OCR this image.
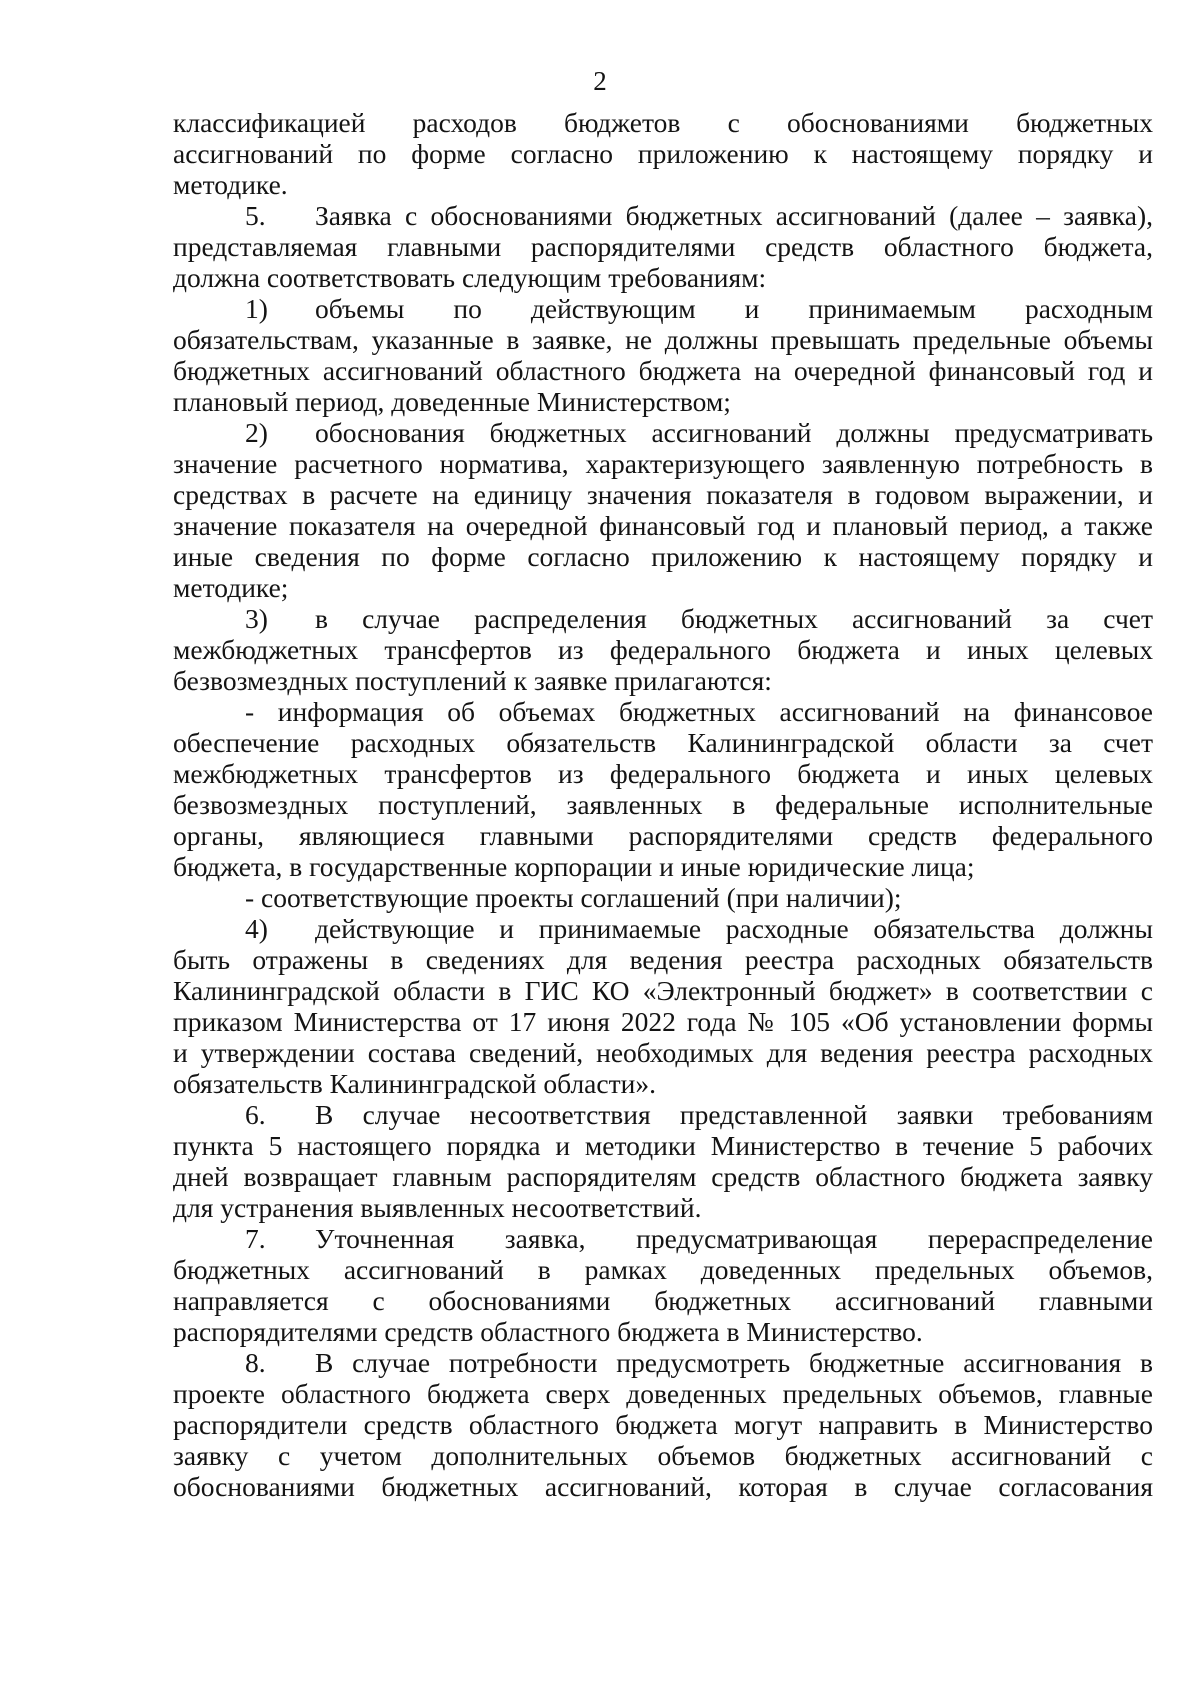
2
классификацией расходов бюджетов с обоснованиями бюджетных
ассигнований по форме согласно приложению к настоящему порядку и
методике.
5. Заявка с обоснованиями бюджетных ассигнований (далее – заявка),
представляемая главными распорядителями средств областного бюджета,
должна соответствовать следующим требованиям:
1) объемы по действующим и принимаемым расходным
обязательствам, указанные в заявке, не должны превышать предельные объемы
бюджетных ассигнований областного бюджета на очередной финансовый год и
плановый период, доведенные Министерством;
2) обоснования бюджетных ассигнований должны предусматривать
значение расчетного норматива, характеризующего заявленную потребность в
средствах в расчете на единицу значения показателя в годовом выражении, и
значение показателя на очередной финансовый год и плановый период, а также
иные сведения по форме согласно приложению к настоящему порядку и
методике;
3) в случае распределения бюджетных ассигнований за счет
межбюджетных трансфертов из федерального бюджета и иных целевых
безвозмездных поступлений к заявке прилагаются:
- информация об объемах бюджетных ассигнований на финансовое
обеспечение расходных обязательств Калининградской области за счет
межбюджетных трансфертов из федерального бюджета и иных целевых
безвозмездных поступлений, заявленных в федеральные исполнительные
органы, являющиеся главными распорядителями средств федерального
бюджета, в государственные корпорации и иные юридические лица;
- соответствующие проекты соглашений (при наличии);
4) действующие и принимаемые расходные обязательства должны
быть отражены в сведениях для ведения реестра расходных обязательств
Калининградской области в ГИС КО «Электронный бюджет» в соответствии с
приказом Министерства от 17 июня 2022 года № 105 «Об установлении формы
и утверждении состава сведений, необходимых для ведения реестра расходных
обязательств Калининградской области».
6. В случае несоответствия представленной заявки требованиям
пункта 5 настоящего порядка и методики Министерство в течение 5 рабочих
дней возвращает главным распорядителям средств областного бюджета заявку
для устранения выявленных несоответствий.
7. Уточненная заявка, предусматривающая перераспределение
бюджетных ассигнований в рамках доведенных предельных объемов,
направляется с обоснованиями бюджетных ассигнований главными
распорядителями средств областного бюджета в Министерство.
8. В случае потребности предусмотреть бюджетные ассигнования в
проекте областного бюджета сверх доведенных предельных объемов, главные
распорядители средств областного бюджета могут направить в Министерство
заявку с учетом дополнительных объемов бюджетных ассигнований с
обоснованиями бюджетных ассигнований, которая в случае согласования
